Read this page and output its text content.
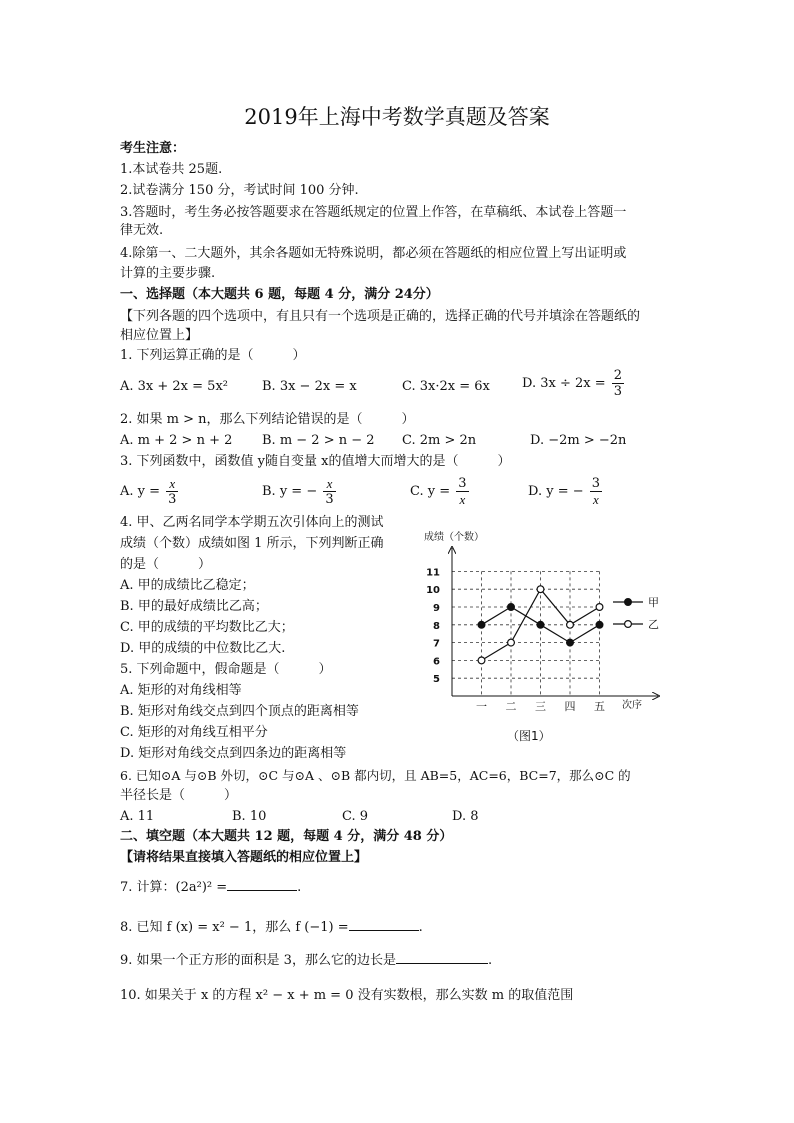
2019年上海中考数学真题及答案
考生注意：
1.本试卷共 25题.
2.试卷满分 150 分，考试时间 100 分钟.
3.答题时，考生务必按答题要求在答题纸规定的位置上作答，在草稿纸、本试卷上答题一
律无效.
4.除第一、二大题外，其余各题如无特殊说明，都必须在答题纸的相应位置上写出证明或
计算的主要步骤.
一、选择题（本大题共 6 题，每题 4 分，满分 24分）
【下列各题的四个选项中，有且只有一个选项是正确的，选择正确的代号并填涂在答题纸的
相应位置上】
1. 下列运算正确的是（　　　）
A. 3x + 2x = 5x²	B. 3x − 2x = x	C. 3x·2x = 6x D. $3x \div 2x = \frac{2}{3}$
2. 如果 m > n，那么下列结论错误的是（　　　）
A. m + 2 > n + 2 B. m − 2 > n − 2 C. 2m > 2n	D. −2m > −2n
3. 下列函数中，函数值 y随自变量 x的值增大而增大的是（　　　）
A. $y = \frac{x}{3}$	B. y = − $\frac{x}{3}$	C. $y = \frac{3}{x}$	D. y = − $\frac{3}{x}$
4. 甲、乙两名同学本学期五次引体向上的测试
成绩（个数）成绩如图 1 所示，下列判断正确
的是（　　　）
A. 甲的成绩比乙稳定；
B. 甲的最好成绩比乙高；
C. 甲的成绩的平均数比乙大；
D. 甲的成绩的中位数比乙大.
5. 下列命题中，假命题是（　　　）
A. 矩形的对角线相等
B. 矩形对角线交点到四个顶点的距离相等
C. 矩形的对角线互相平分
D. 矩形对角线交点到四条边的距离相等
6. 已知⊙A 与⊙B 外切，⊙C 与⊙A 、⊙B 都内切，且 AB=5，AC=6，BC=7，那么⊙C 的
半径长是（　　　）
A. 11	B. 10	C. 9	D. 8
二、填空题（本大题共 12 题，每题 4 分，满分 48 分）
【请将结果直接填入答题纸的相应位置上】
7. 计算：(2a²)² =	.
8. 已知 f (x) = x² − 1，那么 f (−1) =	.
9. 如果一个正方形的面积是 3，那么它的边长是	.
10. 如果关于 x 的方程 x² − x + m = 0 没有实数根，那么实数 m 的取值范围
成绩（个数）
次序
（图1）
5
6
7
8
9
10
11
一 二 三 四 五
甲
乙
